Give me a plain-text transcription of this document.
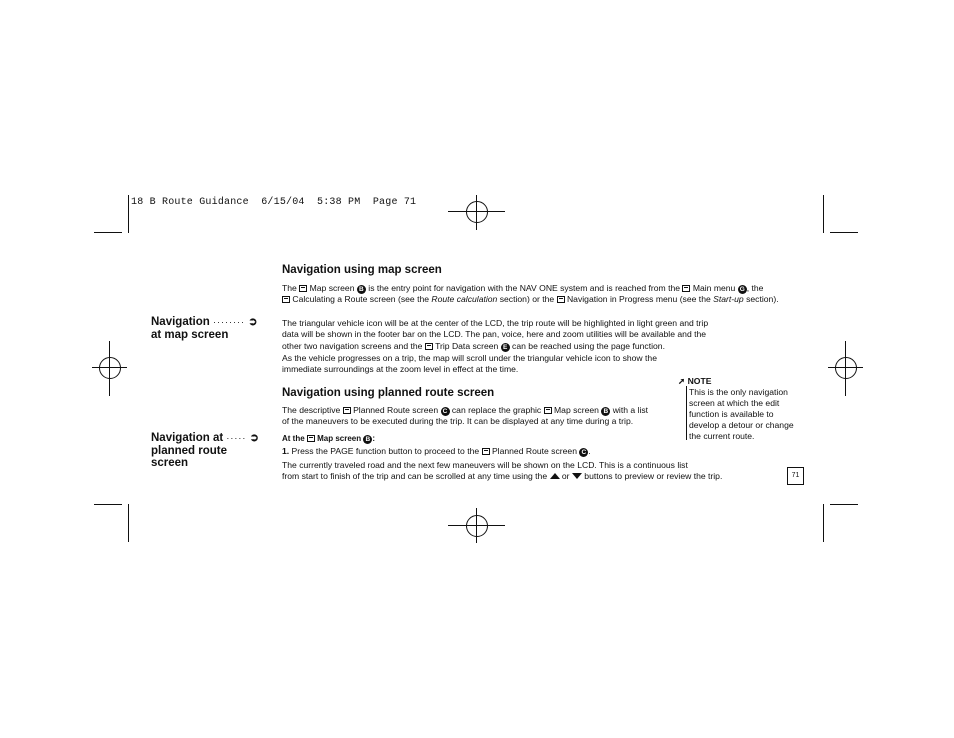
18 B Route Guidance  6/15/04  5:38 PM  Page 71
Navigation using map screen
The  Map screen B is the entry point for navigation with the NAV ONE system and is reached from the  Main menu G , the
Calculating a Route screen (see the Route calculation section) or the  Navigation in Progress menu (see the Start-up section).
Navigation ········ ➲
at map screen
The triangular vehicle icon will be at the center of the LCD, the trip route will be highlighted in light green and trip
data will be shown in the footer bar on the LCD. The pan, voice, here and zoom utilities will be available and the
other two navigation screens and the  Trip Data screen E can be reached using the page function.
As the vehicle progresses on a trip, the map will scroll under the triangular vehicle icon to show the
immediate surroundings at the zoom level in effect at the time.
➚ NOTE
This is the only navigation
screen at which the edit
function is available to
develop a detour or change
the current route.
Navigation using planned route screen
The descriptive  Planned Route screen C can replace the graphic  Map screen B with a list
of the maneuvers to be executed during the trip. It can be displayed at any time during a trip.
Navigation at ····· ➲
planned route
screen
At the  Map screen B :
1. Press the PAGE function button to proceed to the  Planned Route screen C .
The currently traveled road and the next few maneuvers will be shown on the LCD. This is a continuous list
from start to finish of the trip and can be scrolled at any time using the  or  buttons to preview or review the trip.	71
